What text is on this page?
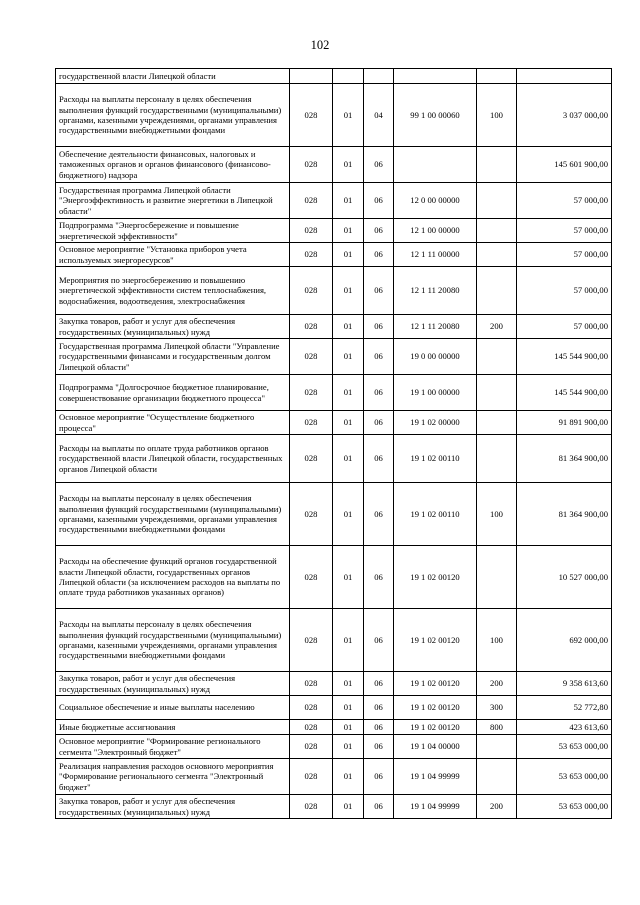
102
государственной власти Липецкой области						
Расходы на выплаты персоналу в целях обеспечения выполнения функций государственными (муниципальными) органами, казенными учреждениями, органами управления государственными внебюджетными фондами	028	01	04	99 1 00 00060	100	3 037 000,00
Обеспечение деятельности финансовых, налоговых и таможенных органов и органов финансового (финансово-бюджетного) надзора	028	01	06			145 601 900,00
Государственная программа Липецкой области "Энергоэффективность и развитие энергетики в Липецкой области"	028	01	06	12 0 00 00000		57 000,00
Подпрограмма "Энергосбережение и повышение энергетической эффективности"	028	01	06	12 1 00 00000		57 000,00
Основное мероприятие "Установка приборов учета используемых энергоресурсов"	028	01	06	12 1 11 00000		57 000,00
Мероприятия по энергосбережению и повышению энергетической эффективности систем теплоснабжения, водоснабжения, водоотведения, электроснабжения	028	01	06	12 1 11 20080		57 000,00
Закупка товаров, работ и услуг для обеспечения государственных (муниципальных) нужд	028	01	06	12 1 11 20080	200	57 000,00
Государственная программа Липецкой области "Управление государственными финансами и государственным долгом Липецкой области"	028	01	06	19 0 00 00000		145 544 900,00
Подпрограмма "Долгосрочное бюджетное планирование, совершенствование организации бюджетного процесса"	028	01	06	19 1 00 00000		145 544 900,00
Основное мероприятие "Осуществление бюджетного процесса"	028	01	06	19 1 02 00000		91 891 900,00
Расходы на выплаты по оплате труда работников органов государственной власти Липецкой области, государственных органов Липецкой области	028	01	06	19 1 02 00110		81 364 900,00
Расходы на выплаты персоналу в целях обеспечения выполнения функций государственными (муниципальными) органами, казенными учреждениями, органами управления государственными внебюджетными фондами	028	01	06	19 1 02 00110	100	81 364 900,00
Расходы на обеспечение функций органов государственной власти Липецкой области, государственных органов Липецкой области (за исключением расходов на выплаты по оплате труда работников указанных органов)	028	01	06	19 1 02 00120		10 527 000,00
Расходы на выплаты персоналу в целях обеспечения выполнения функций государственными (муниципальными) органами, казенными учреждениями, органами управления государственными внебюджетными фондами	028	01	06	19 1 02 00120	100	692 000,00
Закупка товаров, работ и услуг для обеспечения государственных (муниципальных) нужд	028	01	06	19 1 02 00120	200	9 358 613,60
Социальное обеспечение и иные выплаты населению	028	01	06	19 1 02 00120	300	52 772,80
Иные бюджетные ассигнования	028	01	06	19 1 02 00120	800	423 613,60
Основное мероприятие "Формирование регионального сегмента "Электронный бюджет"	028	01	06	19 1 04 00000		53 653 000,00
Реализация направления расходов основного мероприятия "Формирование регионального сегмента "Электронный бюджет"	028	01	06	19 1 04 99999		53 653 000,00
Закупка товаров, работ и услуг для обеспечения государственных (муниципальных) нужд	028	01	06	19 1 04 99999	200	53 653 000,00
